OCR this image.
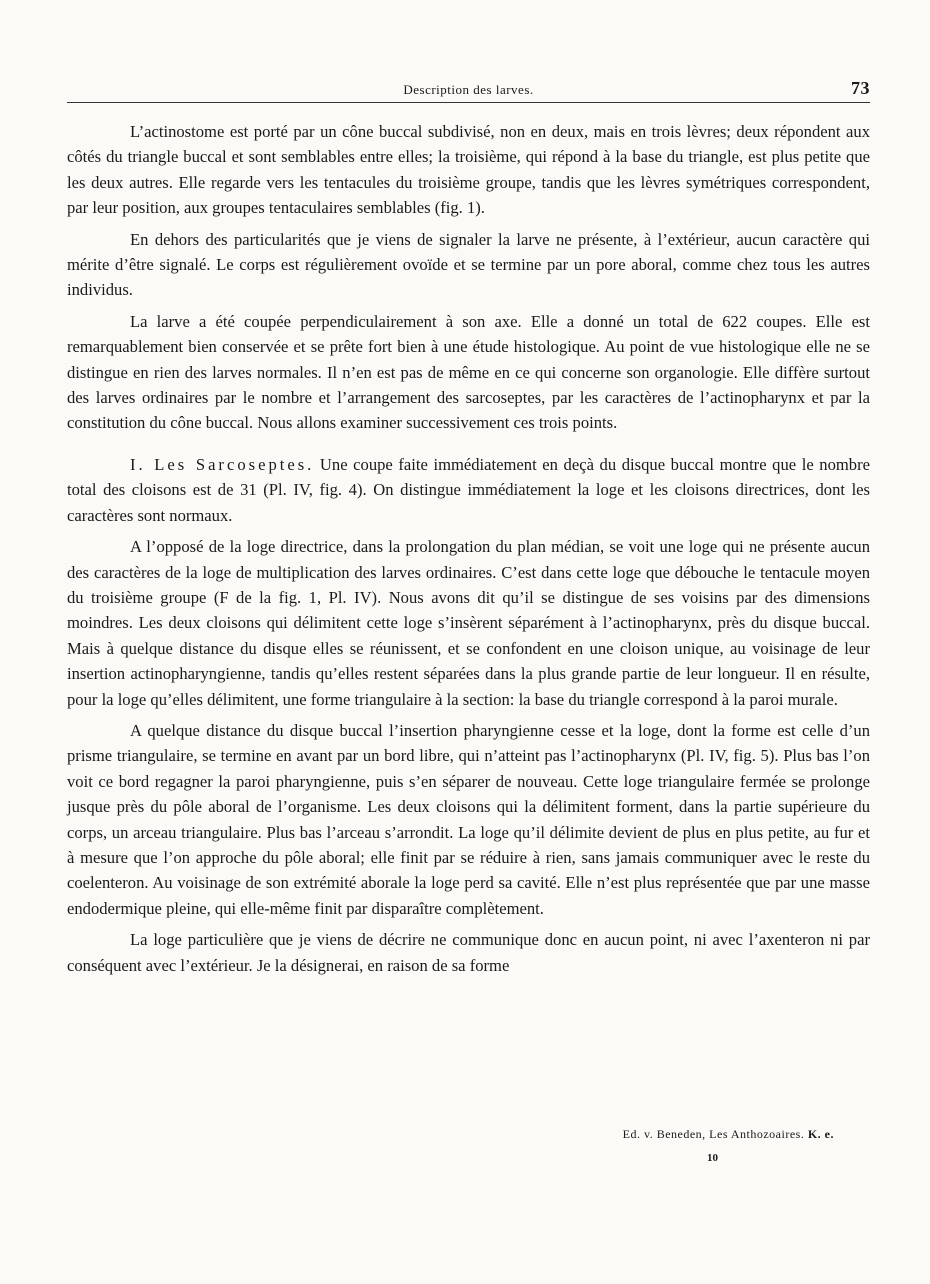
Description des larves.	73

L’actinostome est porté par un cône buccal subdivisé, non en deux, mais en trois lèvres; deux répondent aux côtés du triangle buccal et sont semblables entre elles; la troisième, qui répond à la base du triangle, est plus petite que les deux autres. Elle regarde vers les tentacules du troisième groupe, tandis que les lèvres symétriques correspondent, par leur position, aux groupes tentaculaires semblables (fig. 1).

En dehors des particularités que je viens de signaler la larve ne présente, à l’extérieur, aucun caractère qui mérite d’être signalé. Le corps est régulièrement ovoïde et se termine par un pore aboral, comme chez tous les autres individus.

La larve a été coupée perpendiculairement à son axe. Elle a donné un total de 622 coupes. Elle est remarquablement bien conservée et se prête fort bien à une étude histologique. Au point de vue histologique elle ne se distingue en rien des larves normales. Il n’en est pas de même en ce qui concerne son organologie. Elle diffère surtout des larves ordinaires par le nombre et l’arrangement des sarcoseptes, par les caractères de l’actinopharynx et par la constitution du cône buccal. Nous allons examiner successivement ces trois points.

I. Les Sarcoseptes. Une coupe faite immédiatement en deçà du disque buccal montre que le nombre total des cloisons est de 31 (Pl. IV, fig. 4). On distingue immédiatement la loge et les cloisons directrices, dont les caractères sont normaux.

A l’opposé de la loge directrice, dans la prolongation du plan médian, se voit une loge qui ne présente aucun des caractères de la loge de multiplication des larves ordinaires. C’est dans cette loge que débouche le tentacule moyen du troisième groupe (F de la fig. 1, Pl. IV). Nous avons dit qu’il se distingue de ses voisins par des dimensions moindres. Les deux cloisons qui délimitent cette loge s’insèrent séparément à l’actinopharynx, près du disque buccal. Mais à quelque distance du disque elles se réunissent, et se confondent en une cloison unique, au voisinage de leur insertion actinopharyngienne, tandis qu’elles restent séparées dans la plus grande partie de leur longueur. Il en résulte, pour la loge qu’elles délimitent, une forme triangulaire à la section: la base du triangle correspond à la paroi murale.

A quelque distance du disque buccal l’insertion pharyngienne cesse et la loge, dont la forme est celle d’un prisme triangulaire, se termine en avant par un bord libre, qui n’atteint pas l’actinopharynx (Pl. IV, fig. 5). Plus bas l’on voit ce bord regagner la paroi pharyngienne, puis s’en séparer de nouveau. Cette loge triangulaire fermée se prolonge jusque près du pôle aboral de l’organisme. Les deux cloisons qui la délimitent forment, dans la partie supérieure du corps, un arceau triangulaire. Plus bas l’arceau s’arrondit. La loge qu’il délimite devient de plus en plus petite, au fur et à mesure que l’on approche du pôle aboral; elle finit par se réduire à rien, sans jamais communiquer avec le reste du coelenteron. Au voisinage de son extrémité aborale la loge perd sa cavité. Elle n’est plus représentée que par une masse endodermique pleine, qui elle-même finit par disparaître complètement.

La loge particulière que je viens de décrire ne communique donc en aucun point, ni avec l’axenteron ni par conséquent avec l’extérieur. Je la désignerai, en raison de sa forme

Ed. v. Beneden, Les Anthozoaires. K. e.
10
